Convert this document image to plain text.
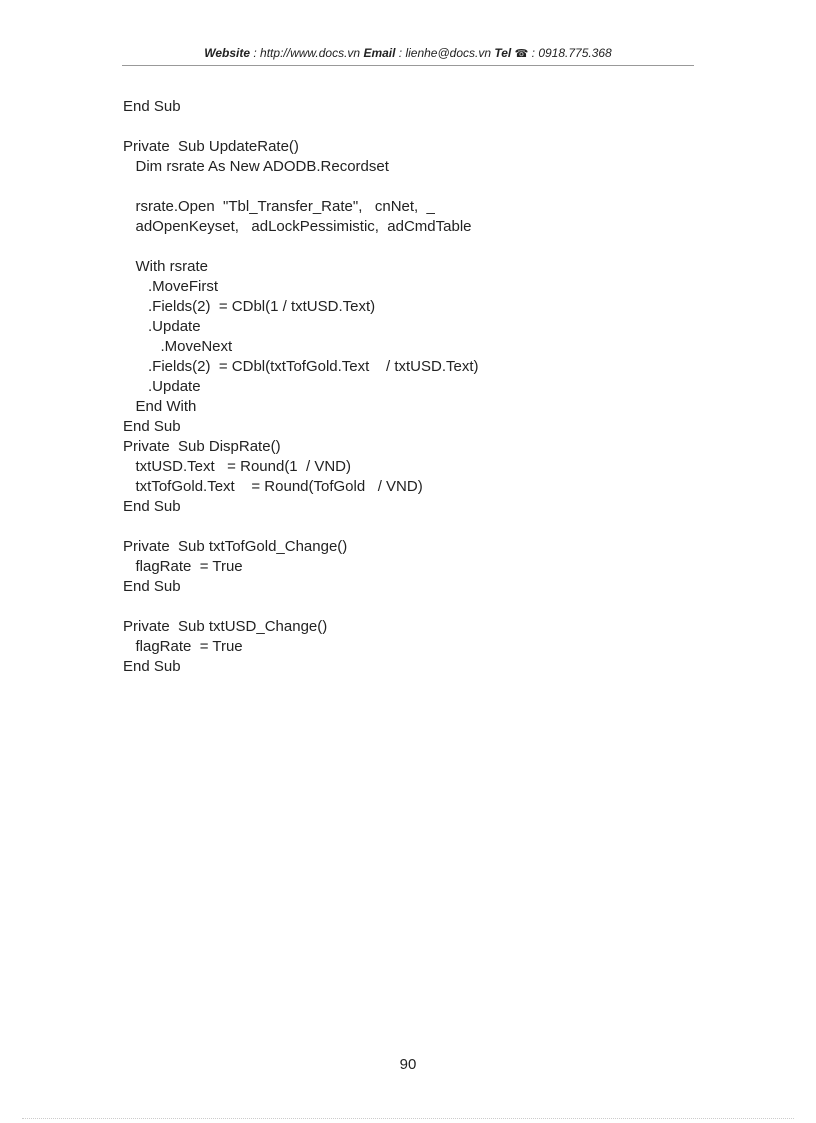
Website : http://www.docs.vn Email : lienhe@docs.vn Tel ☎ : 0918.775.368
End Sub
Private  Sub UpdateRate()
Dim rsrate As New ADODB.Recordset
rsrate.Open  "Tbl_Transfer_Rate",   cnNet,  _
adOpenKeyset,   adLockPessimistic,  adCmdTable
With rsrate
.MoveFirst
.Fields(2)  = CDbl(1 / txtUSD.Text)
.Update
.MoveNext
.Fields(2)  = CDbl(txtTofGold.Text    / txtUSD.Text)
.Update
End With
End Sub
Private  Sub DispRate()
txtUSD.Text   = Round(1  / VND)
txtTofGold.Text    = Round(TofGold   / VND)
End Sub
Private  Sub txtTofGold_Change()
flagRate  = True
End Sub
Private  Sub txtUSD_Change()
flagRate  = True
End Sub
90
